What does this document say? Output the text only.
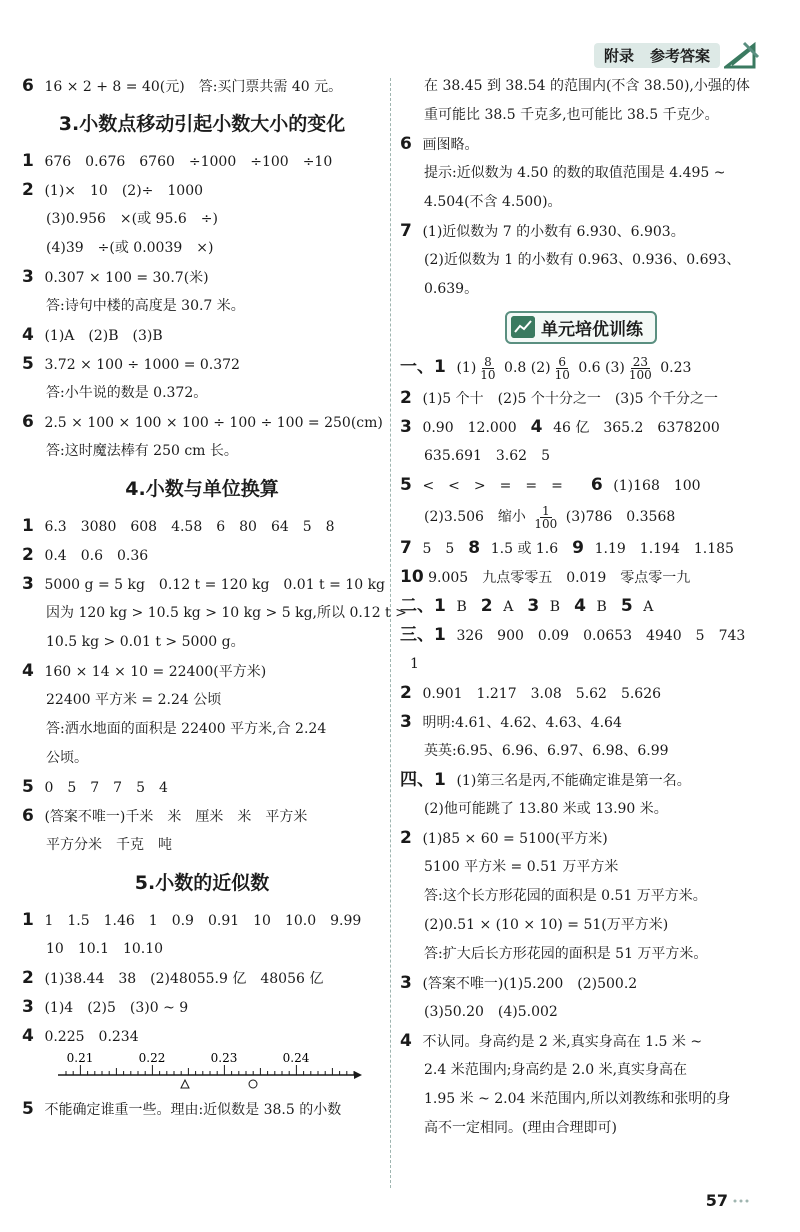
附录 参考答案
6 16 × 2 + 8 = 40(元)　答:买门票共需 40 元。
3.小数点移动引起小数大小的变化
1 676　0.676　6760　÷1000　÷100　÷10
2 (1)×　10　(2)÷　1000
(3)0.956　×(或 95.6　÷)
(4)39　÷(或 0.0039　×)
3 0.307 × 100 = 30.7(米)
答:诗句中楼的高度是 30.7 米。
4 (1)A　(2)B　(3)B
5 3.72 × 100 ÷ 1000 = 0.372
答:小牛说的数是 0.372。
6 2.5 × 100 × 100 × 100 ÷ 100 ÷ 100 = 250(cm)
答:这时魔法棒有 250 cm 长。
4.小数与单位换算
1 6.3　3080　608　4.58　6　80　64　5　8
2 0.4　0.6　0.36
3 5000 g = 5 kg　0.12 t = 120 kg　0.01 t = 10 kg
因为 120 kg > 10.5 kg > 10 kg > 5 kg,所以 0.12 t >
10.5 kg > 0.01 t > 5000 g。
4 160 × 14 × 10 = 22400(平方米)
22400 平方米 = 2.24 公顷
答:洒水地面的面积是 22400 平方米,合 2.24
公顷。
5 0　5　7　7　5　4
6 (答案不唯一)千米　米　厘米　米　平方米
平方分米　千克　吨
5.小数的近似数
1 1　1.5　1.46　1　0.9　0.91　10　10.0　9.99
10　10.1　10.10
2 (1)38.44　38　(2)48055.9 亿　48056 亿
3 (1)4　(2)5　(3)0 ~ 9
4 0.225　0.234
0.21	0.22	0.23	0.24
5 不能确定谁重一些。理由:近似数是 38.5 的小数
在 38.45 到 38.54 的范围内(不含 38.50),小强的体
重可能比 38.5 千克多,也可能比 38.5 千克少。
6 画图略。
提示:近似数为 4.50 的数的取值范围是 4.495 ~
4.504(不含 4.500)。
7 (1)近似数为 7 的小数有 6.930、6.903。
(2)近似数为 1 的小数有 0.963、0.936、0.693、
0.639。
单元培优训练
一、1 $(1) \frac{8}{10} 0.8$ $(2) \frac{6}{10} 0.6$ $(3) \frac{23}{100} 0.23$
2 (1)5 个十　(2)5 个十分之一　(3)5 个千分之一
3 0.90　12.000　 4 46 亿　365.2　6378200
635.691　3.62　5
5 <　<　>　=　=　=　　 6 (1)168　100
(2)3.506　缩小 $\frac{1}{100} (3)786$　0.3568
7 5　5　 8 1.5 或 1.6　 9 1.19　1.194　1.185
10 9.005　九点零零五　0.019　零点零一九
二、1 B　 2 A　 3 B　 4 B　 5 A
三、1 326　900　0.09　0.0653　4940　5　743
1
2 0.901　1.217　3.08　5.62　5.626
3 明明:4.61、4.62、4.63、4.64
英英:6.95、6.96、6.97、6.98、6.99
四、1 (1)第三名是丙,不能确定谁是第一名。
(2)他可能跳了 13.80 米或 13.90 米。
2 (1)85 × 60 = 5100(平方米)
5100 平方米 = 0.51 万平方米
答:这个长方形花园的面积是 0.51 万平方米。
(2)0.51 × (10 × 10) = 51(万平方米)
答:扩大后长方形花园的面积是 51 万平方米。
3 (答案不唯一)(1)5.200　(2)500.2
(3)50.20　(4)5.002
4 不认同。身高约是 2 米,真实身高在 1.5 米 ~
2.4 米范围内;身高约是 2.0 米,真实身高在
1.95 米 ~ 2.04 米范围内,所以刘教练和张明的身
高不一定相同。(理由合理即可)
57
